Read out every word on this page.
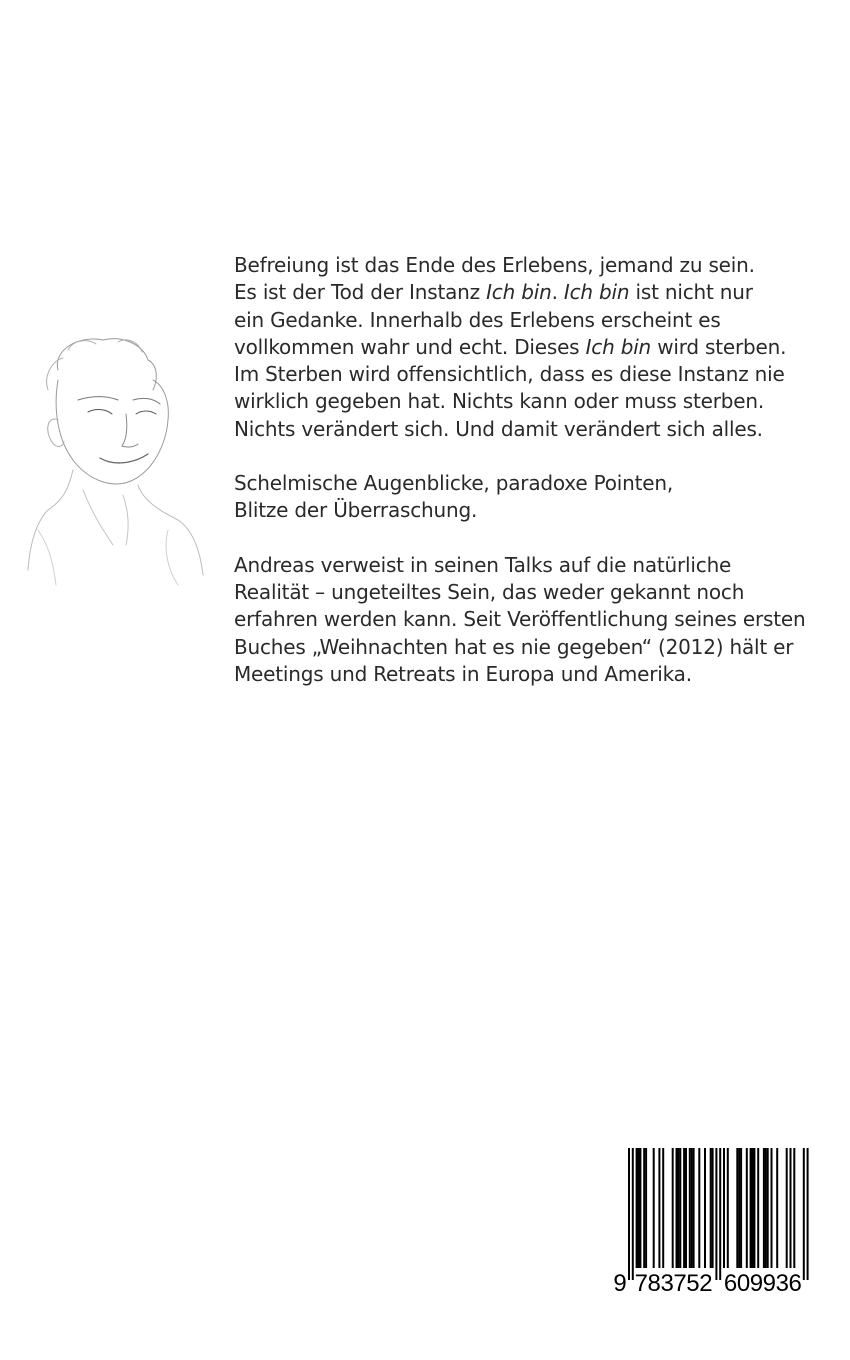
Befreiung ist das Ende des Erlebens, jemand zu sein.
Es ist der Tod der Instanz Ich bin. Ich bin ist nicht nur
ein Gedanke. Innerhalb des Erlebens erscheint es
vollkommen wahr und echt. Dieses Ich bin wird sterben.
Im Sterben wird offensichtlich, dass es diese Instanz nie
wirklich gegeben hat. Nichts kann oder muss sterben.
Nichts verändert sich. Und damit verändert sich alles.
Schelmische Augenblicke, paradoxe Pointen,
Blitze der Überraschung.
Andreas verweist in seinen Talks auf die natürliche
Realität – ungeteiltes Sein, das weder gekannt noch
erfahren werden kann. Seit Veröffentlichung seines ersten
Buches „Weihnachten hat es nie gegeben“ (2012) hält er
Meetings und Retreats in Europa und Amerika.
9 783752 609936
